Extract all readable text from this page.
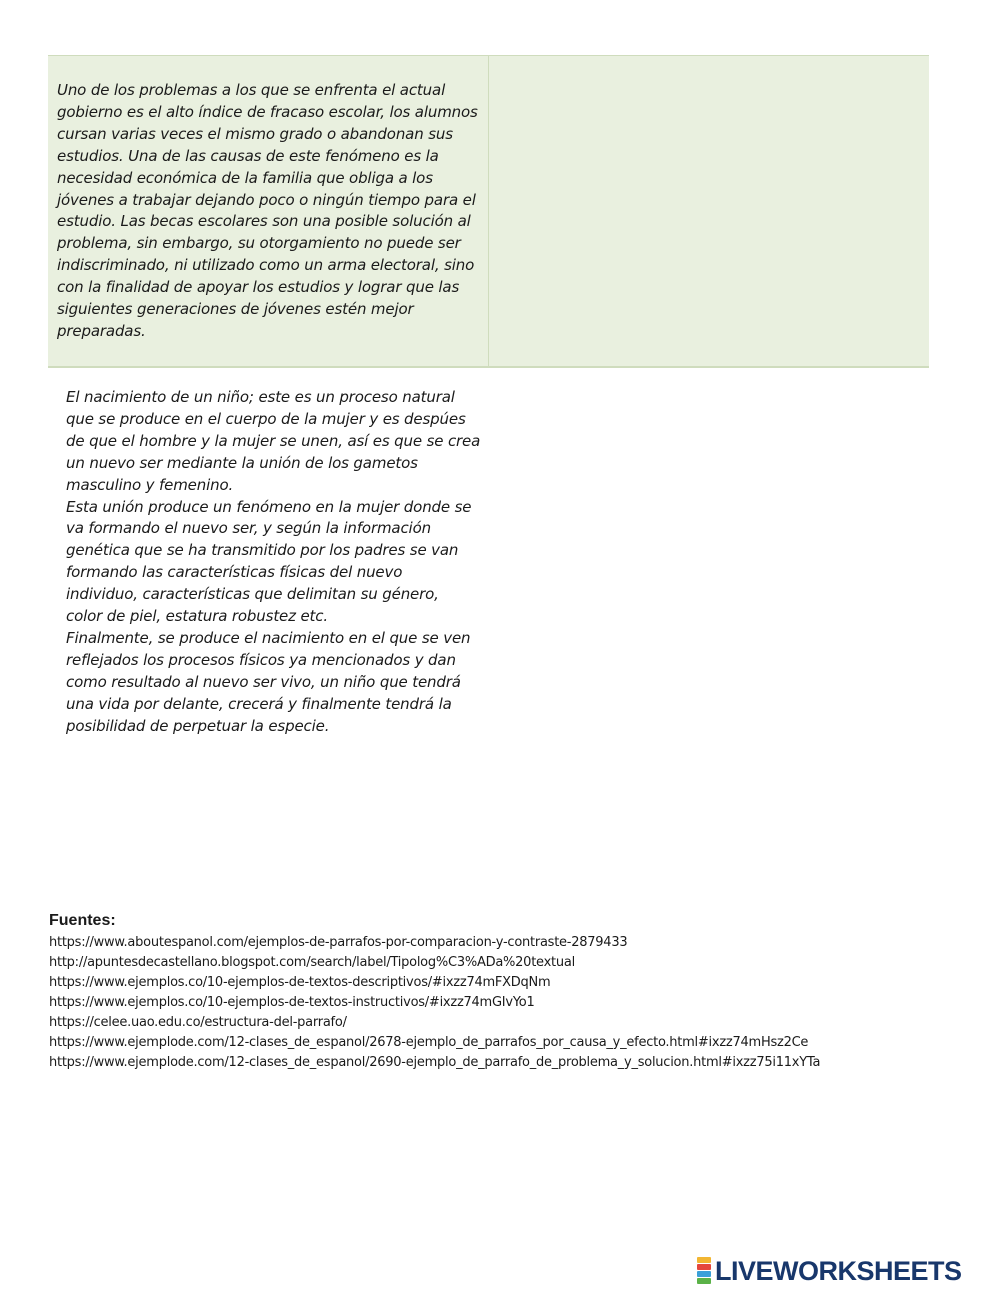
Uno de los problemas a los que se enfrenta el actual
gobierno es el alto índice de fracaso escolar, los alumnos
cursan varias veces el mismo grado o abandonan sus
estudios. Una de las causas de este fenómeno es la
necesidad económica de la familia que obliga a los
jóvenes a trabajar dejando poco o ningún tiempo para el
estudio. Las becas escolares son una posible solución al
problema, sin embargo, su otorgamiento no puede ser
indiscriminado, ni utilizado como un arma electoral, sino
con la finalidad de apoyar los estudios y lograr que las
siguientes generaciones de jóvenes estén mejor
preparadas.

El nacimiento de un niño; este es un proceso natural
que se produce en el cuerpo de la mujer y es despúes
de que el hombre y la mujer se unen, así es que se crea
un nuevo ser mediante la unión de los gametos
masculino y femenino.
Esta unión produce un fenómeno en la mujer donde se
va formando el nuevo ser, y según la información
genética que se ha transmitido por los padres se van
formando las características físicas del nuevo
individuo, características que delimitan su género,
color de piel, estatura robustez etc.
Finalmente, se produce el nacimiento en el que se ven
reflejados los procesos físicos ya mencionados y dan
como resultado al nuevo ser vivo, un niño que tendrá
una vida por delante, crecerá y finalmente tendrá la
posibilidad de perpetuar la especie.

Fuentes:
https://www.aboutespanol.com/ejemplos-de-parrafos-por-comparacion-y-contraste-2879433
http://apuntesdecastellano.blogspot.com/search/label/Tipolog%C3%ADa%20textual
https://www.ejemplos.co/10-ejemplos-de-textos-descriptivos/#ixzz74mFXDqNm
https://www.ejemplos.co/10-ejemplos-de-textos-instructivos/#ixzz74mGIvYo1
https://celee.uao.edu.co/estructura-del-parrafo/
https://www.ejemplode.com/12-clases_de_espanol/2678-ejemplo_de_parrafos_por_causa_y_efecto.html#ixzz74mHsz2Ce
https://www.ejemplode.com/12-clases_de_espanol/2690-ejemplo_de_parrafo_de_problema_y_solucion.html#ixzz75i11xYTa
LIVEWORKSHEETS
